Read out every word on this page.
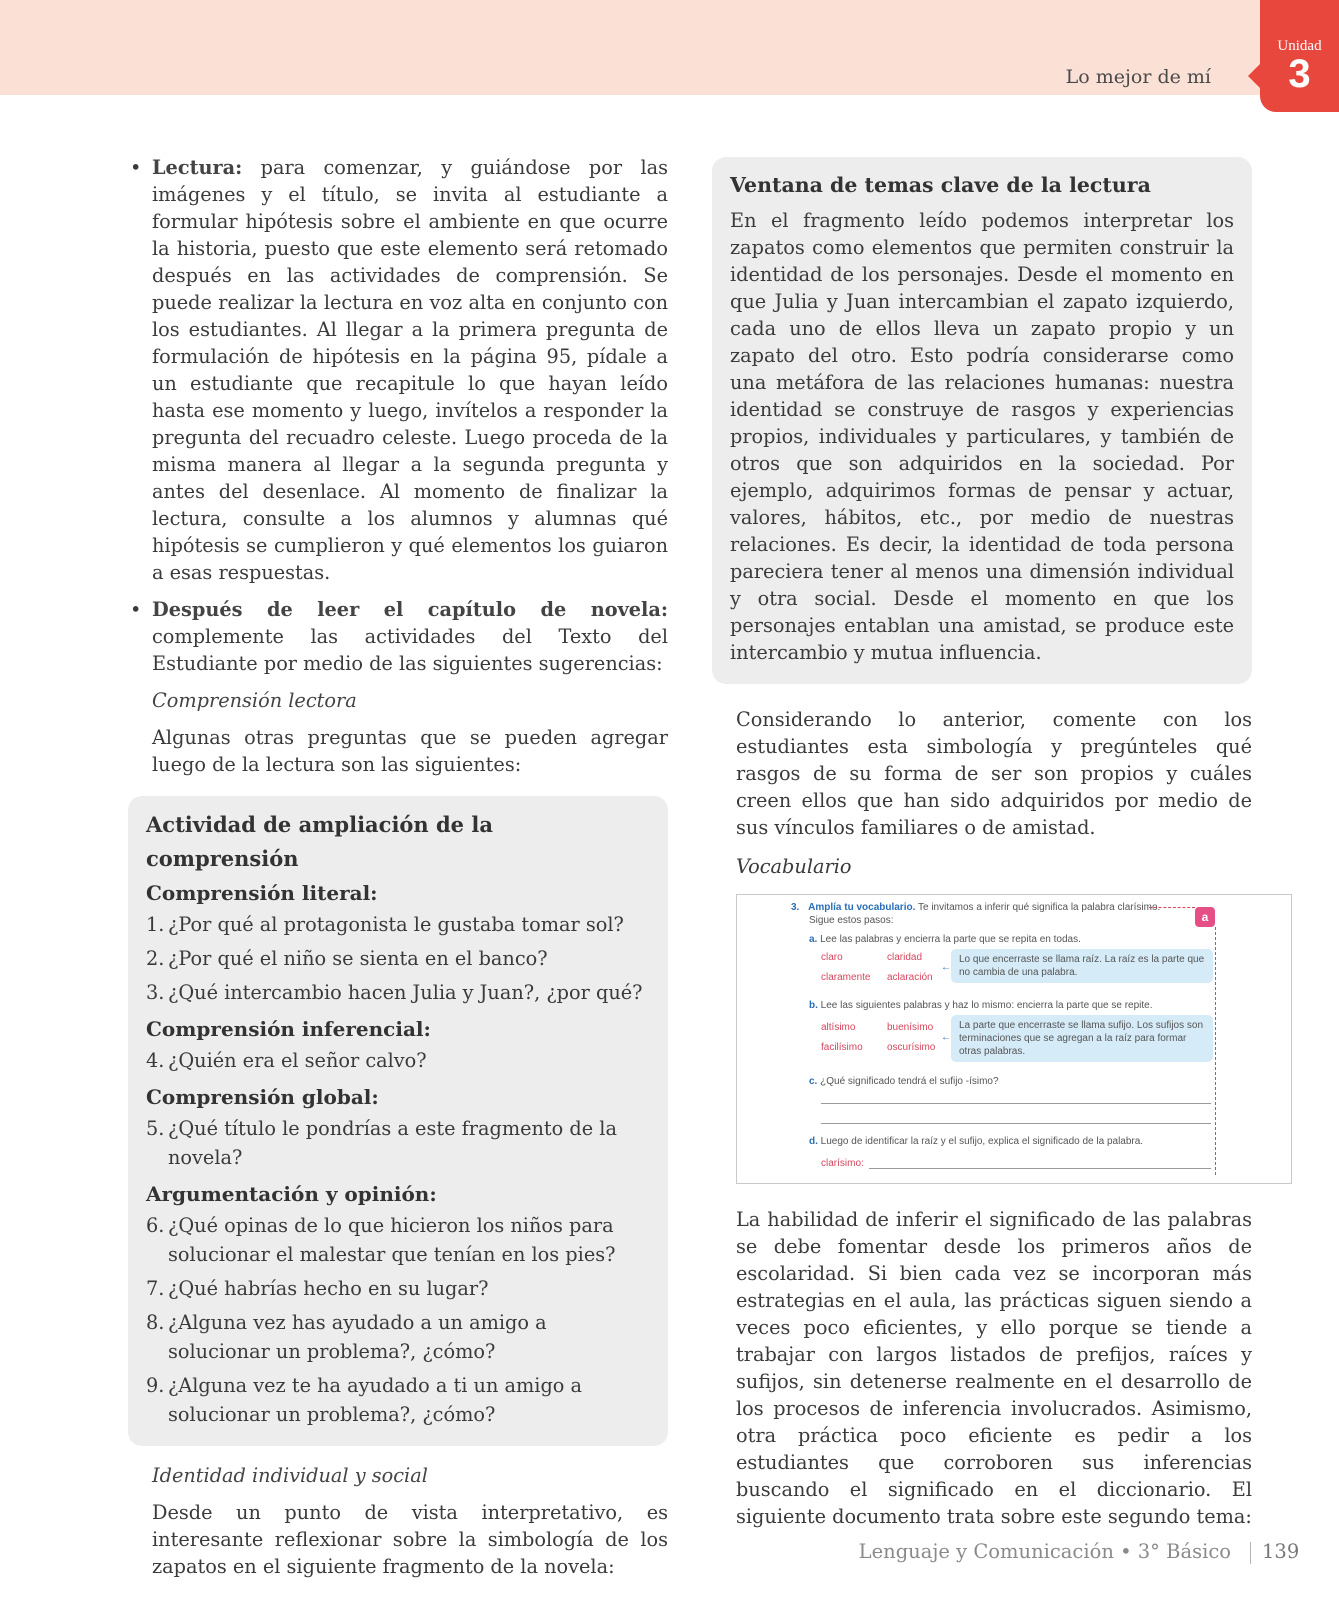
Lo mejor de mí
Unidad
3
• Lectura: para comenzar, y guiándose por las imágenes y el título, se invita al estudiante a formular hipótesis sobre el ambiente en que ocurre la historia, puesto que este elemento será retomado después en las actividades de comprensión. Se puede realizar la lectura en voz alta en conjunto con los estudiantes. Al llegar a la primera pregunta de formulación de hipótesis en la página 95, pídale a un estudiante que recapitule lo que hayan leído hasta ese momento y luego, invítelos a responder la pregunta del recuadro celeste. Luego proceda de la misma manera al llegar a la segunda pregunta y antes del desenlace. Al momento de finalizar la lectura, consulte a los alumnos y alumnas qué hipótesis se cumplieron y qué elementos los guiaron a esas respuestas.
• Después de leer el capítulo de novela: complemente las actividades del Texto del Estudiante por medio de las siguientes sugerencias:
Comprensión lectora
Algunas otras preguntas que se pueden agregar luego de la lectura son las siguientes:
Actividad de ampliación de la comprensión
Comprensión literal:
1. ¿Por qué al protagonista le gustaba tomar sol?
2. ¿Por qué el niño se sienta en el banco?
3. ¿Qué intercambio hacen Julia y Juan?, ¿por qué?
Comprensión inferencial:
4. ¿Quién era el señor calvo?
Comprensión global:
5. ¿Qué título le pondrías a este fragmento de la novela?
Argumentación y opinión:
6. ¿Qué opinas de lo que hicieron los niños para solucionar el malestar que tenían en los pies?
7. ¿Qué habrías hecho en su lugar?
8. ¿Alguna vez has ayudado a un amigo a solucionar un problema?, ¿cómo?
9. ¿Alguna vez te ha ayudado a ti un amigo a solucionar un problema?, ¿cómo?
Identidad individual y social
Desde un punto de vista interpretativo, es interesante reflexionar sobre la simbología de los zapatos en el siguiente fragmento de la novela:
Ventana de temas clave de la lectura
En el fragmento leído podemos interpretar los zapatos como elementos que permiten construir la identidad de los personajes. Desde el momento en que Julia y Juan intercambian el zapato izquierdo, cada uno de ellos lleva un zapato propio y un zapato del otro. Esto podría considerarse como una metáfora de las relaciones humanas: nuestra identidad se construye de rasgos y experiencias propios, individuales y particulares, y también de otros que son adquiridos en la sociedad. Por ejemplo, adquirimos formas de pensar y actuar, valores, hábitos, etc., por medio de nuestras relaciones. Es decir, la identidad de toda persona pareciera tener al menos una dimensión individual y otra social. Desde el momento en que los personajes entablan una amistad, se produce este intercambio y mutua influencia.
Considerando lo anterior, comente con los estudiantes esta simbología y pregúnteles qué rasgos de su forma de ser son propios y cuáles creen ellos que han sido adquiridos por medio de sus vínculos familiares o de amistad.
Vocabulario
3. Amplía tu vocabulario. Te invitamos a inferir qué significa la palabra clarísimo.
Sigue estos pasos:	a
a. Lee las palabras y encierra la parte que se repita en todas.
claro	claridad
claramente aclaración
←
Lo que encerraste se llama raíz. La raíz es la parte que no cambia de una palabra.
b. Lee las siguientes palabras y haz lo mismo: encierra la parte que se repite.
altísimo	buenísimo
facilísimo oscurísimo
←
La parte que encerraste se llama sufijo. Los sufijos son terminaciones que se agregan a la raíz para formar otras palabras.
c. ¿Qué significado tendrá el sufijo -ísimo?
d. Luego de identificar la raíz y el sufijo, explica el significado de la palabra.
clarísimo:
La habilidad de inferir el significado de las palabras se debe fomentar desde los primeros años de escolaridad. Si bien cada vez se incorporan más estrategias en el aula, las prácticas siguen siendo a veces poco eficientes, y ello porque se tiende a trabajar con largos listados de prefijos, raíces y sufijos, sin detenerse realmente en el desarrollo de los procesos de inferencia involucrados. Asimismo, otra práctica poco eficiente es pedir a los estudiantes que corroboren sus inferencias buscando el significado en el diccionario. El siguiente documento trata sobre este segundo tema:
Lenguaje y Comunicación • 3° Básico 139
